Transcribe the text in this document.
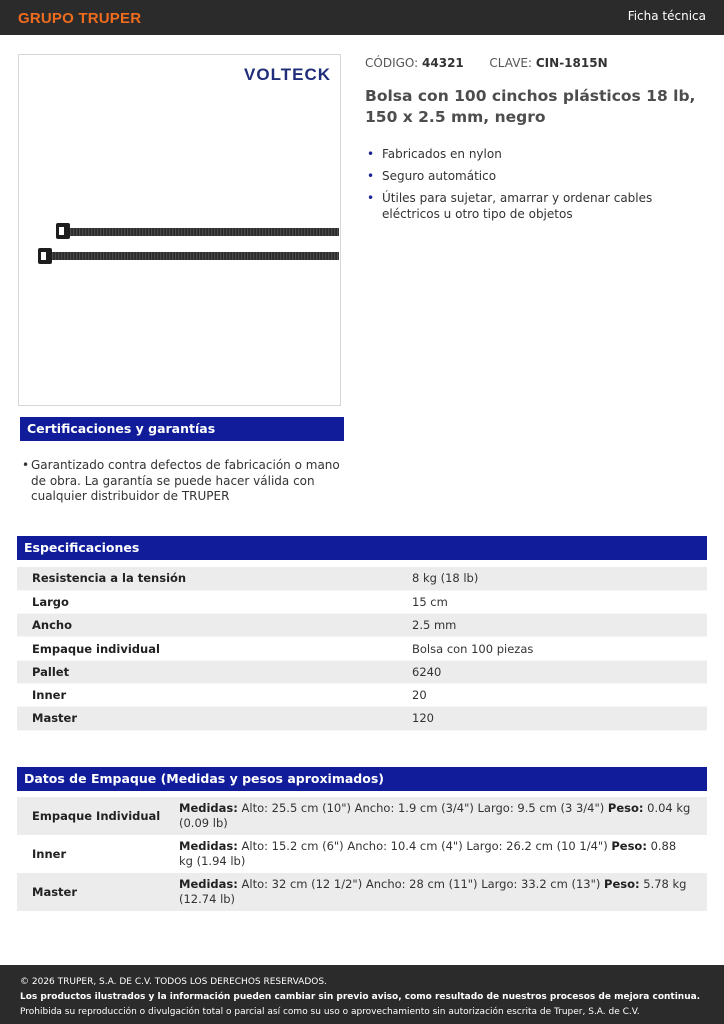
GRUPO TRUPER	Ficha técnica
VOLTECK
CÓDIGO: 44321 CLAVE: CIN-1815N
Bolsa con 100 cinchos plásticos 18 lb, 150 x 2.5 mm, negro
• Fabricados en nylon
• Seguro automático
• Útiles para sujetar, amarrar y ordenar cables eléctricos u otro tipo de objetos
Certificaciones y garantías
• Garantizado contra defectos de fabricación o mano de obra. La garantía se puede hacer válida con cualquier distribuidor de TRUPER
Especificaciones
Resistencia a la tensión	8 kg (18 lb)
Largo	15 cm
Ancho	2.5 mm
Empaque individual	Bolsa con 100 piezas
Pallet	6240
Inner	20
Master	120
Datos de Empaque (Medidas y pesos aproximados)
Empaque Individual	Medidas: Alto: 25.5 cm (10") Ancho: 1.9 cm (3/4") Largo: 9.5 cm (3 3/4") Peso: 0.04 kg (0.09 lb)
Inner	Medidas: Alto: 15.2 cm (6") Ancho: 10.4 cm (4") Largo: 26.2 cm (10 1/4") Peso: 0.88 kg (1.94 lb)
Master	Medidas: Alto: 32 cm (12 1/2") Ancho: 28 cm (11") Largo: 33.2 cm (13") Peso: 5.78 kg (12.74 lb)
© 2026 TRUPER, S.A. DE C.V. TODOS LOS DERECHOS RESERVADOS.
Los productos ilustrados y la información pueden cambiar sin previo aviso, como resultado de nuestros procesos de mejora continua.
Prohibida su reproducción o divulgación total o parcial así como su uso o aprovechamiento sin autorización escrita de Truper, S.A. de C.V.
